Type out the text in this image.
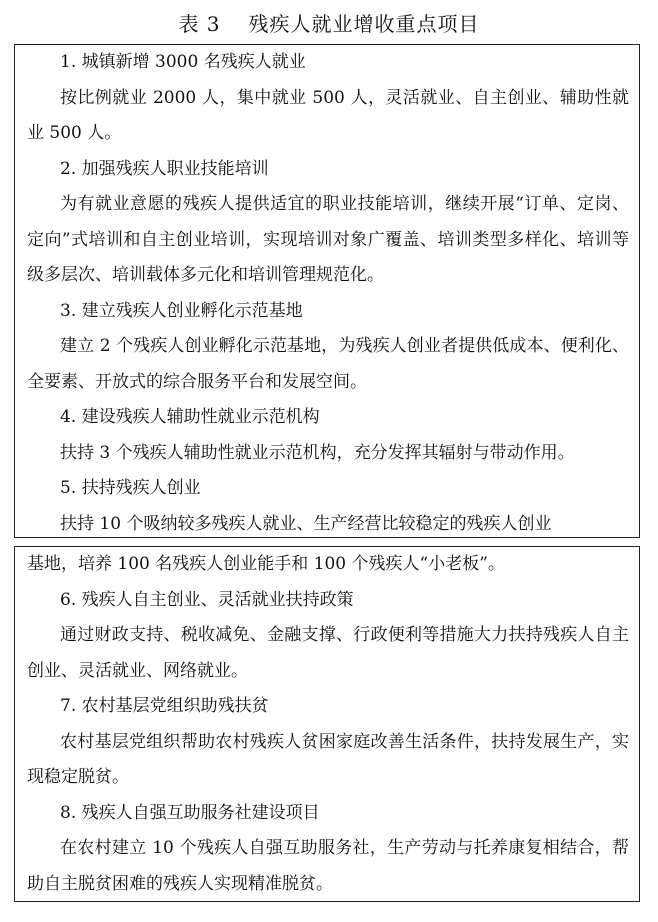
表 3 残疾人就业增收重点项目
1. 城镇新增 3000 名残疾人就业
按比例就业 2000 人，集中就业 500 人，灵活就业、自主创业、辅助性就业 500 人。
2. 加强残疾人职业技能培训
为有就业意愿的残疾人提供适宜的职业技能培训，继续开展“订单、定岗、定向”式培训和自主创业培训，实现培训对象广覆盖、培训类型多样化、培训等级多层次、培训载体多元化和培训管理规范化。
3. 建立残疾人创业孵化示范基地
建立 2 个残疾人创业孵化示范基地，为残疾人创业者提供低成本、便利化、全要素、开放式的综合服务平台和发展空间。
4. 建设残疾人辅助性就业示范机构
扶持 3 个残疾人辅助性就业示范机构，充分发挥其辐射与带动作用。
5. 扶持残疾人创业
扶持 10 个吸纳较多残疾人就业、生产经营比较稳定的残疾人创业
基地，培养 100 名残疾人创业能手和 100 个残疾人“小老板”。
6. 残疾人自主创业、灵活就业扶持政策
通过财政支持、税收减免、金融支撑、行政便利等措施大力扶持残疾人自主创业、灵活就业、网络就业。
7. 农村基层党组织助残扶贫
农村基层党组织帮助农村残疾人贫困家庭改善生活条件，扶持发展生产，实现稳定脱贫。
8. 残疾人自强互助服务社建设项目
在农村建立 10 个残疾人自强互助服务社，生产劳动与托养康复相结合，帮助自主脱贫困难的残疾人实现精准脱贫。
